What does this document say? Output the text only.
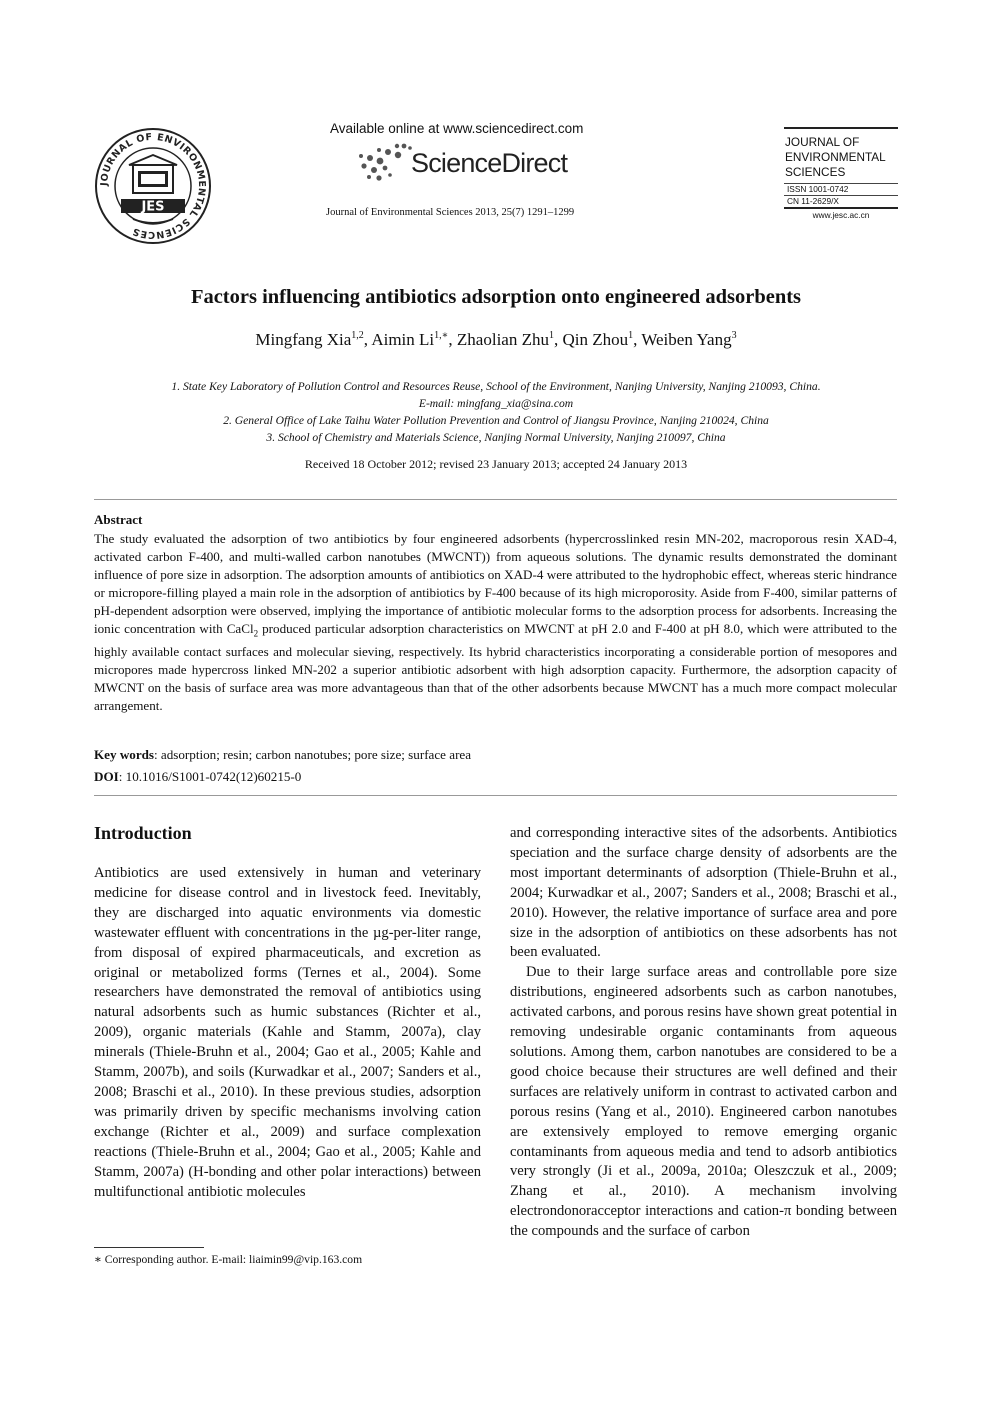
JOURNAL OF ENVIRONMENTAL SCIENCES
JES
Available online at www.sciencedirect.com
ScienceDirect
Journal of Environmental Sciences 2013, 25(7) 1291–1299
JOURNAL OF
ENVIRONMENTAL
SCIENCES
ISSN 1001-0742
CN 11-2629/X
www.jesc.ac.cn
Factors influencing antibiotics adsorption onto engineered adsorbents
Mingfang Xia$^{1,2}$, Aimin $Li^{1,∗}$, Zhaolian Zhu$^1$, Qin Zhou$^1$, Weiben Yang$^3$
1. State Key Laboratory of Pollution Control and Resources Reuse, School of the Environment, Nanjing University, Nanjing 210093, China.
E-mail: mingfang_xia@sina.com
2. General Office of Lake Taihu Water Pollution Prevention and Control of Jiangsu Province, Nanjing 210024, China
3. School of Chemistry and Materials Science, Nanjing Normal University, Nanjing 210097, China
Received 18 October 2012; revised 23 January 2013; accepted 24 January 2013
Abstract
The study evaluated the adsorption of two antibiotics by four engineered adsorbents (hypercrosslinked resin MN-202, macroporous resin XAD-4, activated carbon F-400, and multi-walled carbon nanotubes (MWCNT)) from aqueous solutions. The dynamic results demonstrated the dominant influence of pore size in adsorption. The adsorption amounts of antibiotics on XAD-4 were attributed to the hydrophobic effect, whereas steric hindrance or micropore-filling played a main role in the adsorption of antibiotics by F-400 because of its high microporosity. Aside from F-400, similar patterns of pH-dependent adsorption were observed, implying the importance of antibiotic molecular forms to the adsorption process for adsorbents. Increasing the ionic concentration with CaCl$_2$ produced particular adsorption characteristics on MWCNT at pH 2.0 and F-400 at pH 8.0, which were attributed to the highly available contact surfaces and molecular sieving, respectively. Its hybrid characteristics incorporating a considerable portion of mesopores and micropores made hypercross linked MN-202 a superior antibiotic adsorbent with high adsorption capacity. Furthermore, the adsorption capacity of MWCNT on the basis of surface area was more advantageous than that of the other adsorbents because MWCNT has a much more compact molecular arrangement.
Key words: adsorption; resin; carbon nanotubes; pore size; surface area
DOI: 10.1016/S1001-0742(12)60215-0
Introduction

Antibiotics are used extensively in human and veterinary medicine for disease control and in livestock feed. Inevitably, they are discharged into aquatic environments via domestic wastewater effluent with concentrations in the µg-per-liter range, from disposal of expired pharmaceuticals, and excretion as original or metabolized forms (Ternes et al., 2004). Some researchers have demonstrated the removal of antibiotics using natural adsorbents such as humic substances (Richter et al., 2009), organic materials (Kahle and Stamm, 2007a), clay minerals (Thiele-Bruhn et al., 2004; Gao et al., 2005; Kahle and Stamm, 2007b), and soils (Kurwadkar et al., 2007; Sanders et al., 2008; Braschi et al., 2010). In these previous studies, adsorption was primarily driven by specific mechanisms involving cation exchange (Richter et al., 2009) and surface complexation reactions (Thiele-Bruhn et al., 2004; Gao et al., 2005; Kahle and Stamm, 2007a) (H-bonding and other polar interactions) between multifunctional antibiotic molecules

and corresponding interactive sites of the adsorbents. Antibiotics speciation and the surface charge density of adsorbents are the most important determinants of adsorption (Thiele-Bruhn et al., 2004; Kurwadkar et al., 2007; Sanders et al., 2008; Braschi et al., 2010). However, the relative importance of surface area and pore size in the adsorption of antibiotics on these adsorbents has not been evaluated.

Due to their large surface areas and controllable pore size distributions, engineered adsorbents such as carbon nanotubes, activated carbons, and porous resins have shown great potential in removing undesirable organic contaminants from aqueous solutions. Among them, carbon nanotubes are considered to be a good choice because their structures are well defined and their surfaces are relatively uniform in contrast to activated carbon and porous resins (Yang et al., 2010). Engineered carbon nanotubes are extensively employed to remove emerging organic contaminants from aqueous media and tend to adsorb antibiotics very strongly (Ji et al., 2009a, 2010a; Oleszczuk et al., 2009; Zhang et al., 2010). A mechanism involving electrondonoracceptor interactions and cation-π bonding between the compounds and the surface of carbon

∗ Corresponding author. E-mail: liaimin99@vip.163.com
